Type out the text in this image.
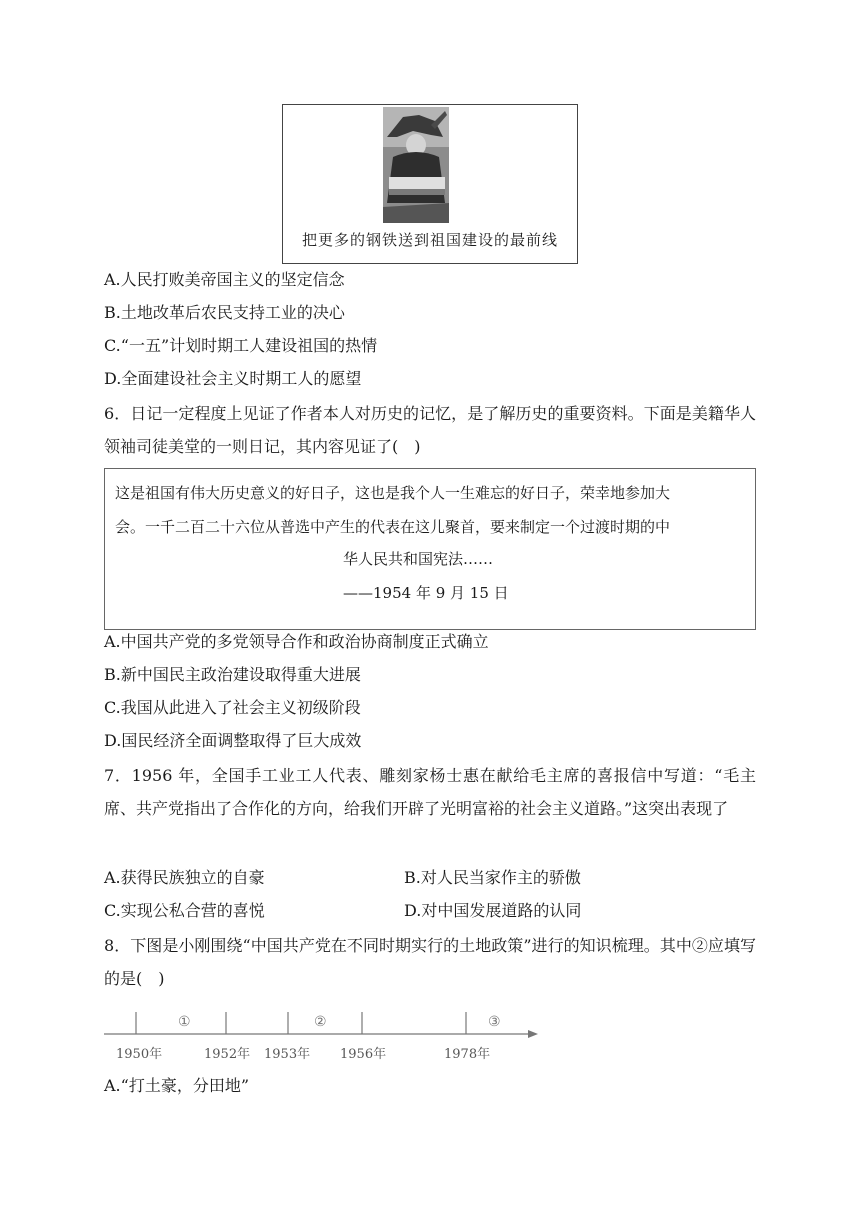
把更多的钢铁送到祖国建设的最前线
A.人民打败美帝国主义的坚定信念
B.土地改革后农民支持工业的决心
C.“一五”计划时期工人建设祖国的热情
D.全面建设社会主义时期工人的愿望
6．日记一定程度上见证了作者本人对历史的记忆，是了解历史的重要资料。下面是美籍华人领袖司徒美堂的一则日记，其内容见证了(　)
这是祖国有伟大历史意义的好日子，这也是我个人一生难忘的好日子，荣幸地参加大
会。一千二百二十六位从普选中产生的代表在这儿聚首，要来制定一个过渡时期的中
华人民共和国宪法……
——1954 年 9 月 15 日
A.中国共产党的多党领导合作和政治协商制度正式确立
B.新中国民主政治建设取得重大进展
C.我国从此进入了社会主义初级阶段
D.国民经济全面调整取得了巨大成效
7．1956 年，全国手工业工人代表、雕刻家杨士惠在献给毛主席的喜报信中写道：“毛主席、共产党指出了合作化的方向，给我们开辟了光明富裕的社会主义道路。”这突出表现了
A.获得民族独立的自豪	B.对人民当家作主的骄傲
C.实现公私合营的喜悦	D.对中国发展道路的认同
8．下图是小刚围绕“中国共产党在不同时期实行的土地政策”进行的知识梳理。其中②应填写的是(　)
①	②	③
1950年	1952年 1953年 1956年	1978年
A.“打土豪，分田地”
